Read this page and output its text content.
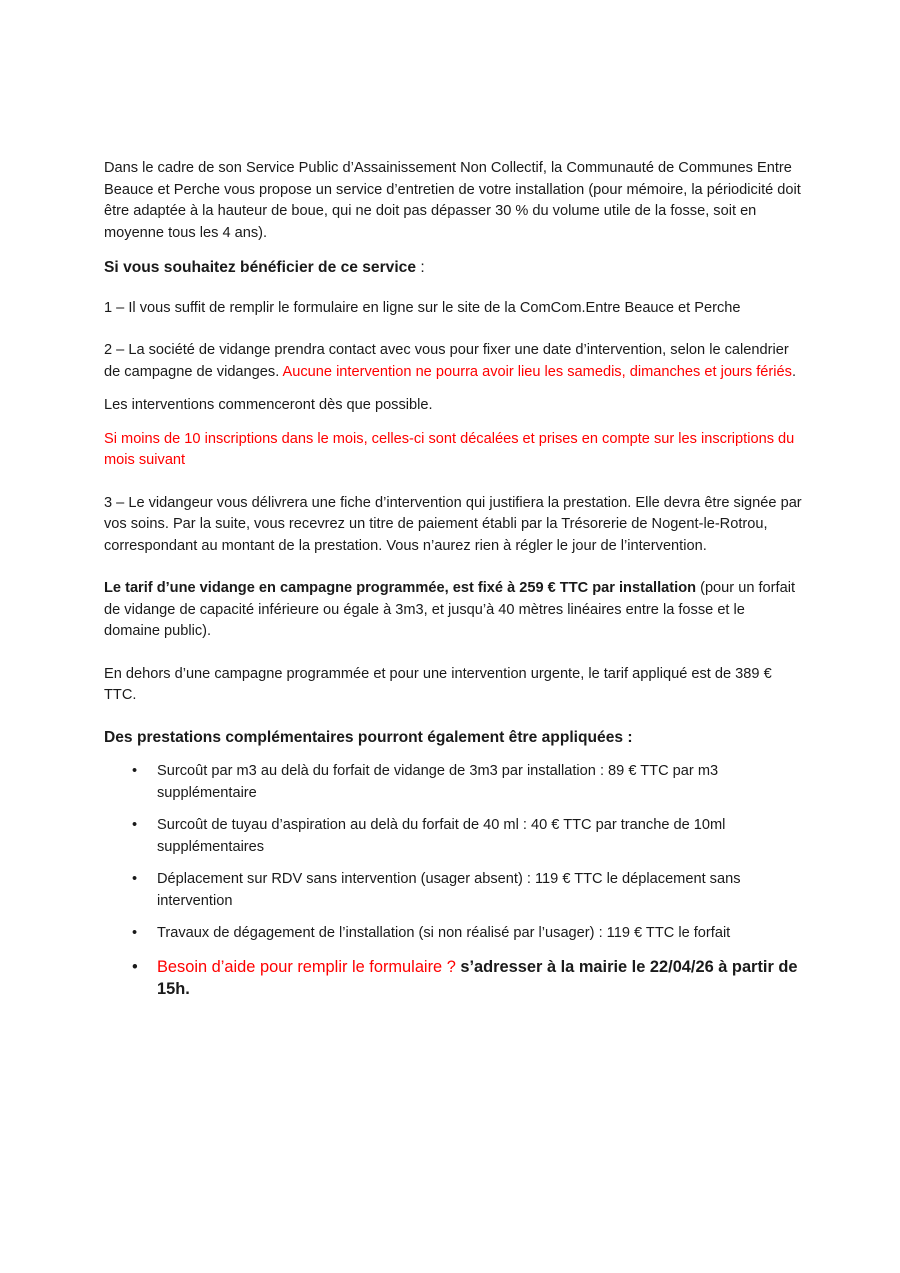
Dans le cadre de son Service Public d’Assainissement Non Collectif, la Communauté de Communes Entre Beauce et Perche vous propose un service d’entretien de votre installation (pour mémoire, la périodicité doit être adaptée à la hauteur de boue, qui ne doit pas dépasser 30 % du volume utile de la fosse, soit en moyenne tous les 4 ans).

Si vous souhaitez bénéficier de ce service :

1 – Il vous suffit de remplir le formulaire en ligne sur le site de la ComCom.Entre Beauce et Perche

2 – La société de vidange prendra contact avec vous pour fixer une date d’intervention, selon le calendrier de campagne de vidanges. Aucune intervention ne pourra avoir lieu les samedis, dimanches et jours fériés.

Les interventions commenceront dès que possible.

Si moins de 10 inscriptions dans le mois, celles-ci sont décalées et prises en compte sur les inscriptions du mois suivant

3 – Le vidangeur vous délivrera une fiche d’intervention qui justifiera la prestation. Elle devra être signée par vos soins. Par la suite, vous recevrez un titre de paiement établi par la Trésorerie de Nogent-le-Rotrou, correspondant au montant de la prestation. Vous n’aurez rien à régler le jour de l’intervention.

Le tarif d’une vidange en campagne programmée, est fixé à 259 € TTC par installation (pour un forfait de vidange de capacité inférieure ou égale à 3m3, et jusqu’à 40 mètres linéaires entre la fosse et le domaine public).

En dehors d’une campagne programmée et pour une intervention urgente, le tarif appliqué est de 389 € TTC.

Des prestations complémentaires pourront également être appliquées :

• Surcoût par m3 au delà du forfait de vidange de 3m3 par installation : 89 € TTC par m3 supplémentaire
• Surcoût de tuyau d’aspiration au delà du forfait de 40 ml : 40 € TTC par tranche de 10ml supplémentaires
• Déplacement sur RDV sans intervention (usager absent) : 119 € TTC le déplacement sans intervention
• Travaux de dégagement de l’installation (si non réalisé par l’usager) : 119 € TTC le forfait
• Besoin d’aide pour remplir le formulaire ? s’adresser à la mairie le 22/04/26 à partir de 15h.
